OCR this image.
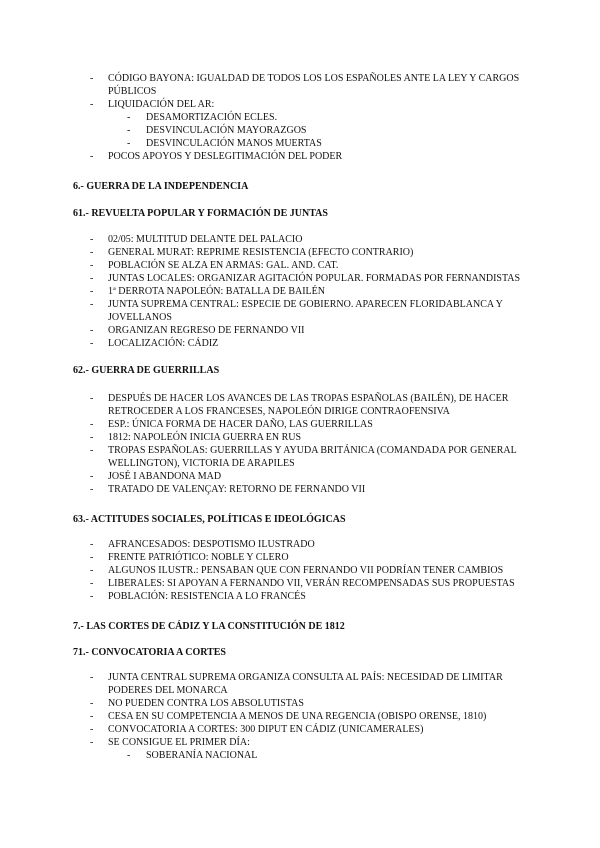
-	CÓDIGO BAYONA: IGUALDAD DE TODOS LOS LOS ESPAÑOLES ANTE LA LEY Y CARGOS PÚBLICOS
-	LIQUIDACIÓN DEL AR:
-	DESAMORTIZACIÓN ECLES.
-	DESVINCULACIÓN MAYORAZGOS
-	DESVINCULACIÓN MANOS MUERTAS
-	POCOS APOYOS Y DESLEGITIMACIÓN DEL PODER
6.- GUERRA DE LA INDEPENDENCIA
61.- REVUELTA POPULAR Y FORMACIÓN DE JUNTAS
-	02/05: MULTITUD DELANTE DEL PALACIO
-	GENERAL MURAT: REPRIME RESISTENCIA (EFECTO CONTRARIO)
-	POBLACIÓN SE ALZA EN ARMAS: GAL. AND. CAT.
-	JUNTAS LOCALES: ORGANIZAR AGITACIÓN POPULAR. FORMADAS POR FERNANDISTAS
-	1ª DERROTA NAPOLEÓN: BATALLA DE BAILÉN
-	JUNTA SUPREMA CENTRAL: ESPECIE DE GOBIERNO. APARECEN FLORIDABLANCA Y JOVELLANOS
-	ORGANIZAN REGRESO DE FERNANDO VII
-	LOCALIZACIÓN: CÁDIZ
62.- GUERRA DE GUERRILLAS
-	DESPUÉS DE HACER LOS AVANCES DE LAS TROPAS ESPAÑOLAS (BAILÉN), DE HACER RETROCEDER A LOS FRANCESES, NAPOLEÓN DIRIGE CONTRAOFENSIVA
-	ESP.: ÚNICA FORMA DE HACER DAÑO, LAS GUERRILLAS
-	1812: NAPOLEÓN INICIA GUERRA EN RUS
-	TROPAS ESPAÑOLAS: GUERRILLAS Y AYUDA BRITÁNICA (COMANDADA POR GENERAL WELLINGTON), VICTORIA DE ARAPILES
-	JOSÉ I ABANDONA MAD
-	TRATADO DE VALENÇAY: RETORNO DE FERNANDO VII
63.- ACTITUDES SOCIALES, POLÍTICAS E IDEOLÓGICAS
-	AFRANCESADOS: DESPOTISMO ILUSTRADO
-	FRENTE PATRIÓTICO: NOBLE Y CLERO
-	ALGUNOS ILUSTR.: PENSABAN QUE CON FERNANDO VII PODRÍAN TENER CAMBIOS
-	LIBERALES: SI APOYAN A FERNANDO VII, VERÁN RECOMPENSADAS SUS PROPUESTAS
-	POBLACIÓN: RESISTENCIA A LO FRANCÉS
7.- LAS CORTES DE CÁDIZ Y LA CONSTITUCIÓN DE 1812
71.- CONVOCATORIA A CORTES
-	JUNTA CENTRAL SUPREMA ORGANIZA CONSULTA AL PAÍS: NECESIDAD DE LIMITAR PODERES DEL MONARCA
-	NO PUEDEN CONTRA LOS ABSOLUTISTAS
-	CESA EN SU COMPETENCIA A MENOS DE UNA REGENCIA (OBISPO ORENSE, 1810)
-	CONVOCATORIA A CORTES: 300 DIPUT EN CÁDIZ (UNICAMERALES)
-	SE CONSIGUE EL PRIMER DÍA:
-	SOBERANÍA NACIONAL
